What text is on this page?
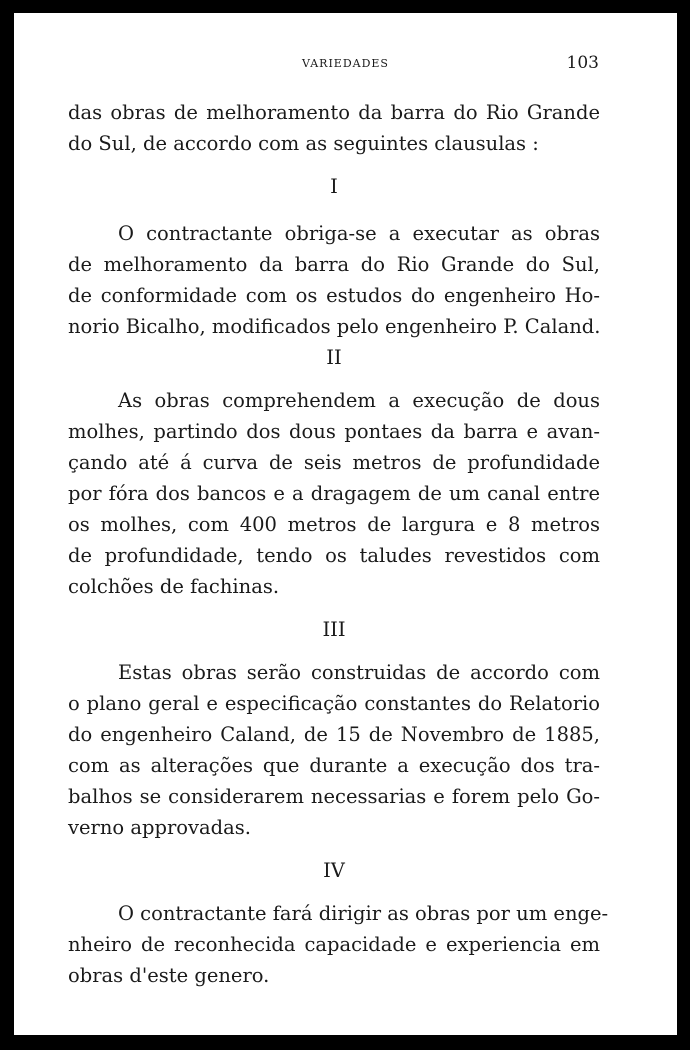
VARIEDADES	103
das obras de melhoramento da barra do Rio Grande
do Sul, de accordo com as seguintes clausulas :
I
O contractante obriga-se a executar as obras
de melhoramento da barra do Rio Grande do Sul,
de conformidade com os estudos do engenheiro Ho-
norio Bicalho, modificados pelo engenheiro P. Caland.
II
As obras comprehendem a execução de dous
molhes, partindo dos dous pontaes da barra e avan-
çando até á curva de seis metros de profundidade
por fóra dos bancos e a dragagem de um canal entre
os molhes, com 400 metros de largura e 8 metros
de profundidade, tendo os taludes revestidos com
colchões de fachinas.
III
Estas obras serão construidas de accordo com
o plano geral e especificação constantes do Relatorio
do engenheiro Caland, de 15 de Novembro de 1885,
com as alterações que durante a execução dos tra-
balhos se considerarem necessarias e forem pelo Go-
verno approvadas.
IV
O contractante fará dirigir as obras por um enge-
nheiro de reconhecida capacidade e experiencia em
obras d'este genero.
